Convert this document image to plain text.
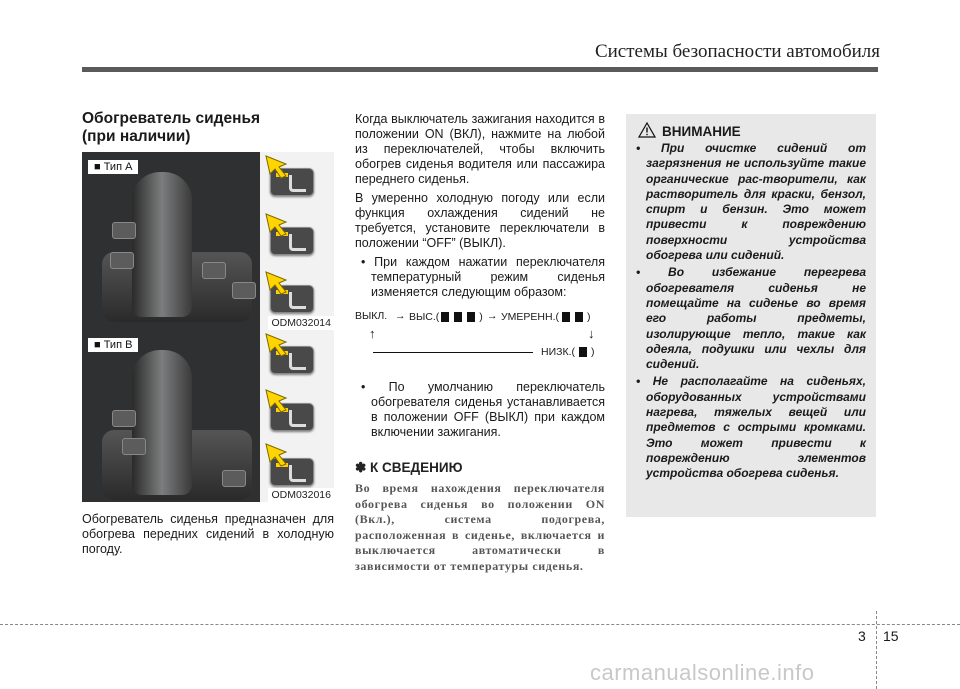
Системы безопасности автомобиля

Обогреватель сиденья

(при наличии)

■ Тип A
ODM032014
■ Тип B
ODM032016

Обогреватель сиденья предназначен для обогрева передних сидений в холодную погоду.

Когда выключатель зажигания находится в положении ON (ВКЛ), нажмите на любой из переключателей, чтобы включить обогрев сиденья водителя или пассажира переднего сиденья.

В умеренно холодную погоду или если функция охлаждения сидений не требуется, установите переключатели в положении “OFF” (ВЫКЛ).

• При каждом нажатии переключателя температурный режим сиденья изменяется следующим образом:

ВЫКЛ. → ВЫС.(	) → УМЕРЕНН.(	)
↓
↑
НИЗК.( )

• По умолчанию переключатель обогревателя сиденья устанавливается в положении OFF (ВЫКЛ) при каждом включении зажигания.

✽ К СВЕДЕНИЮ

Во время нахождения переключателя обогрева сиденья во положении ON (Вкл.), система подогрева, расположенная в сиденье, включается и выключается автоматически в зависимости от температуры сиденья.

ВНИМАНИЕ
• При очистке сидений от загрязнения не используйте такие органические рас-творители, как растворитель для краски, бензол, спирт и бензин. Это может привести к повреждению поверхности устройства обогрева или сидений.
• Во избежание перегрева обогревателя сиденья не помещайте на сиденье во время его работы предметы, изолирующие тепло, такие как одеяла, подушки или чехлы для сидений.
• Не располагайте на сиденьях, оборудованных устройствами нагрева, тяжелых вещей или предметов с острыми кромками. Это может привести к повреждению элементов устройства обогрева сиденья.
3 15
carmanualsonline.info
